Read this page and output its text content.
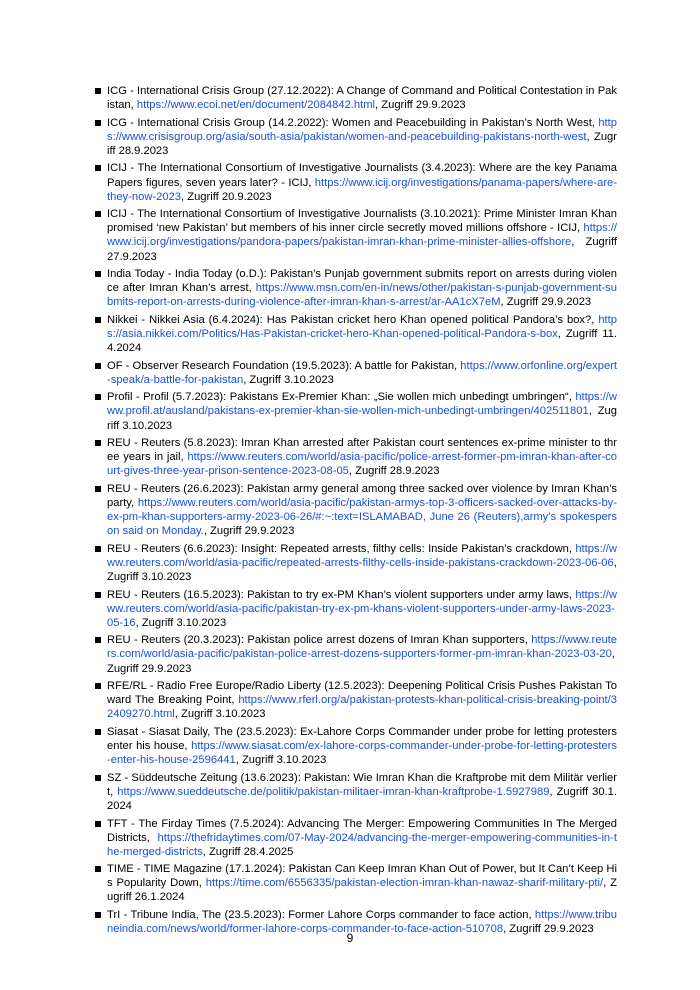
ICG - International Crisis Group (27.12.2022): A Change of Command and Political Contestation in Pakistan, https://www.ecoi.net/en/document/2084842.html, Zugriff 29.9.2023
ICG - International Crisis Group (14.2.2022): Women and Peacebuilding in Pakistan’s North West, https://www.crisisgroup.org/asia/south-asia/pakistan/women-and-peacebuilding-pakistans-north-west, Zugriff 28.9.2023
ICIJ - The International Consortium of Investigative Journalists (3.4.2023): Where are the key Panama Papers figures, seven years later? - ICIJ, https://www.icij.org/investigations/panama-papers/where-are-they-now-2023, Zugriff 20.9.2023
ICIJ - The International Consortium of Investigative Journalists (3.10.2021): Prime Minister Imran Khan promised ‘new Pakistan’ but members of his inner circle secretly moved millions offshore - ICIJ, https://www.icij.org/investigations/pandora-papers/pakistan-imran-khan-prime-minister-allies-offshore, Zugriff 27.9.2023
India Today - India Today (o.D.): Pakistan’s Punjab government submits report on arrests during violence after Imran Khan’s arrest, https://www.msn.com/en-in/news/other/pakistan-s-punjab-government-submits-report-on-arrests-during-violence-after-imran-khan-s-arrest/ar-AA1cX7eM, Zugriff 29.9.2023
Nikkei - Nikkei Asia (6.4.2024): Has Pakistan cricket hero Khan opened political Pandora’s box?, https://asia.nikkei.com/Politics/Has-Pakistan-cricket-hero-Khan-opened-political-Pandora-s-box, Zugriff 11.4.2024
OF - Observer Research Foundation (19.5.2023): A battle for Pakistan, https://www.orfonline.org/expert-speak/a-battle-for-pakistan, Zugriff 3.10.2023
Profil - Profil (5.7.2023): Pakistans Ex-Premier Khan: „Sie wollen mich unbedingt umbringen“, https://www.profil.at/ausland/pakistans-ex-premier-khan-sie-wollen-mich-unbedingt-umbringen/402511801, Zugriff 3.10.2023
REU - Reuters (5.8.2023): Imran Khan arrested after Pakistan court sentences ex-prime minister to three years in jail, https://www.reuters.com/world/asia-pacific/police-arrest-former-pm-imran-khan-after-court-gives-three-year-prison-sentence-2023-08-05, Zugriff 28.9.2023
REU - Reuters (26.6.2023): Pakistan army general among three sacked over violence by Imran Khan’s party, https://www.reuters.com/world/asia-pacific/pakistan-armys-top-3-officers-sacked-over-attacks-by-ex-pm-khan-supporters-army-2023-06-26/#:~:text=ISLAMABAD, June 26 (Reuters),army’s spokesperson said on Monday., Zugriff 29.9.2023
REU - Reuters (6.6.2023): Insight: Repeated arrests, filthy cells: Inside Pakistan’s crackdown, https://www.reuters.com/world/asia-pacific/repeated-arrests-filthy-cells-inside-pakistans-crackdown-2023-06-06, Zugriff 3.10.2023
REU - Reuters (16.5.2023): Pakistan to try ex-PM Khan’s violent supporters under army laws, https://www.reuters.com/world/asia-pacific/pakistan-try-ex-pm-khans-violent-supporters-under-army-laws-2023-05-16, Zugriff 3.10.2023
REU - Reuters (20.3.2023): Pakistan police arrest dozens of Imran Khan supporters, https://www.reuters.com/world/asia-pacific/pakistan-police-arrest-dozens-supporters-former-pm-imran-khan-2023-03-20, Zugriff 29.9.2023
RFE/RL - Radio Free Europe/Radio Liberty (12.5.2023): Deepening Political Crisis Pushes Pakistan Toward The Breaking Point, https://www.rferl.org/a/pakistan-protests-khan-political-crisis-breaking-point/32409270.html, Zugriff 3.10.2023
Siasat - Siasat Daily, The (23.5.2023): Ex-Lahore Corps Commander under probe for letting protesters enter his house, https://www.siasat.com/ex-lahore-corps-commander-under-probe-for-letting-protesters-enter-his-house-2596441, Zugriff 3.10.2023
SZ - Süddeutsche Zeitung (13.6.2023): Pakistan: Wie Imran Khan die Kraftprobe mit dem Militär verliert, https://www.sueddeutsche.de/politik/pakistan-militaer-imran-khan-kraftprobe-1.5927989, Zugriff 30.1.2024
TFT - The Firday Times (7.5.2024): Advancing The Merger: Empowering Communities In The Merged Districts, https://thefridaytimes.com/07-May-2024/advancing-the-merger-empowering-communities-in-the-merged-districts, Zugriff 28.4.2025
TIME - TIME Magazine (17.1.2024): Pakistan Can Keep Imran Khan Out of Power, but It Can’t Keep His Popularity Down, https://time.com/6556335/pakistan-election-imran-khan-nawaz-sharif-military-pti/, Zugriff 26.1.2024
TrI - Tribune India, The (23.5.2023): Former Lahore Corps commander to face action, https://www.tribuneindia.com/news/world/former-lahore-corps-commander-to-face-action-510708, Zugriff 29.9.2023
9
